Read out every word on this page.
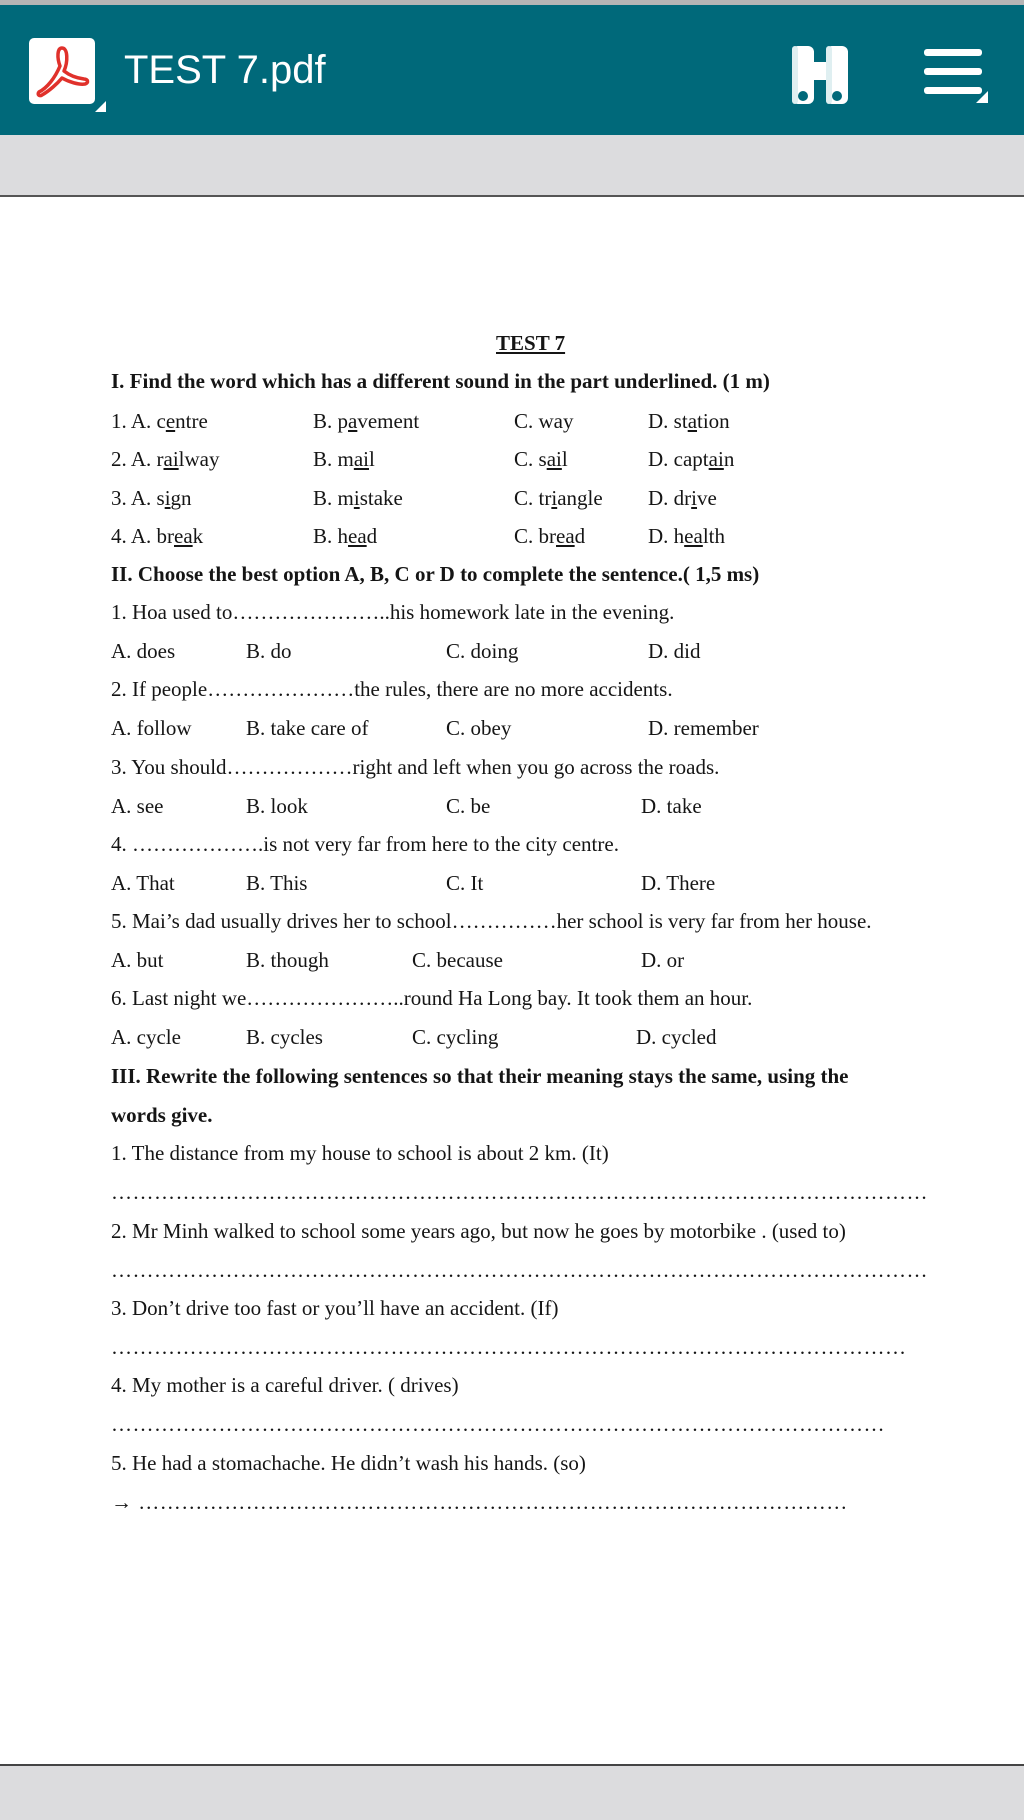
TEST 7.pdf
TEST 7
I. Find the word which has a different sound in the part underlined. (1 m)
1. A. centre	B. pavement	C. way	D. station
2. A. railway	B. mail	C. sail	D. captain
3. A. sign	B. mistake	C. triangle D. drive
4. A. break	B. head	C. bread	D. health
II. Choose the best option A, B, C or D to complete the sentence.( 1,5 ms)
1. Hoa used to…………………..his homework late in the evening.
A. does	B. do	C. doing	D. did
2. If people…………………the rules, there are no more accidents.
A. follow	B. take care of	C. obey	D. remember
3. You should………………right and left when you go across the roads.
A. see	B. look	C. be	D. take
4. ……………….is not very far from here to the city centre.
A. That	B. This	C. It	D. There
5. Mai’s dad usually drives her to school……………her school is very far from her house.
A. but	B. though	C. because	D. or
6. Last night we…………………..round Ha Long bay. It took them an hour.
A. cycle	B. cycles	C. cycling	D. cycled
III. Rewrite the following sentences so that their meaning stays the same, using the
words give.
1. The distance from my house to school is about 2 km. (It)
……………………………………………………………………………………………………
2. Mr Minh walked to school some years ago, but now he goes by motorbike . (used to)
……………………………………………………………………………………………………
3. Don’t drive too fast or you’ll have an accident. (If)
…………………………………………………………………………………………………
4. My mother is a careful driver. ( drives)
………………………………………………………………………………………………
5. He had a stomachache. He didn’t wash his hands. (so)
→ ………………………………………………………………………………………
